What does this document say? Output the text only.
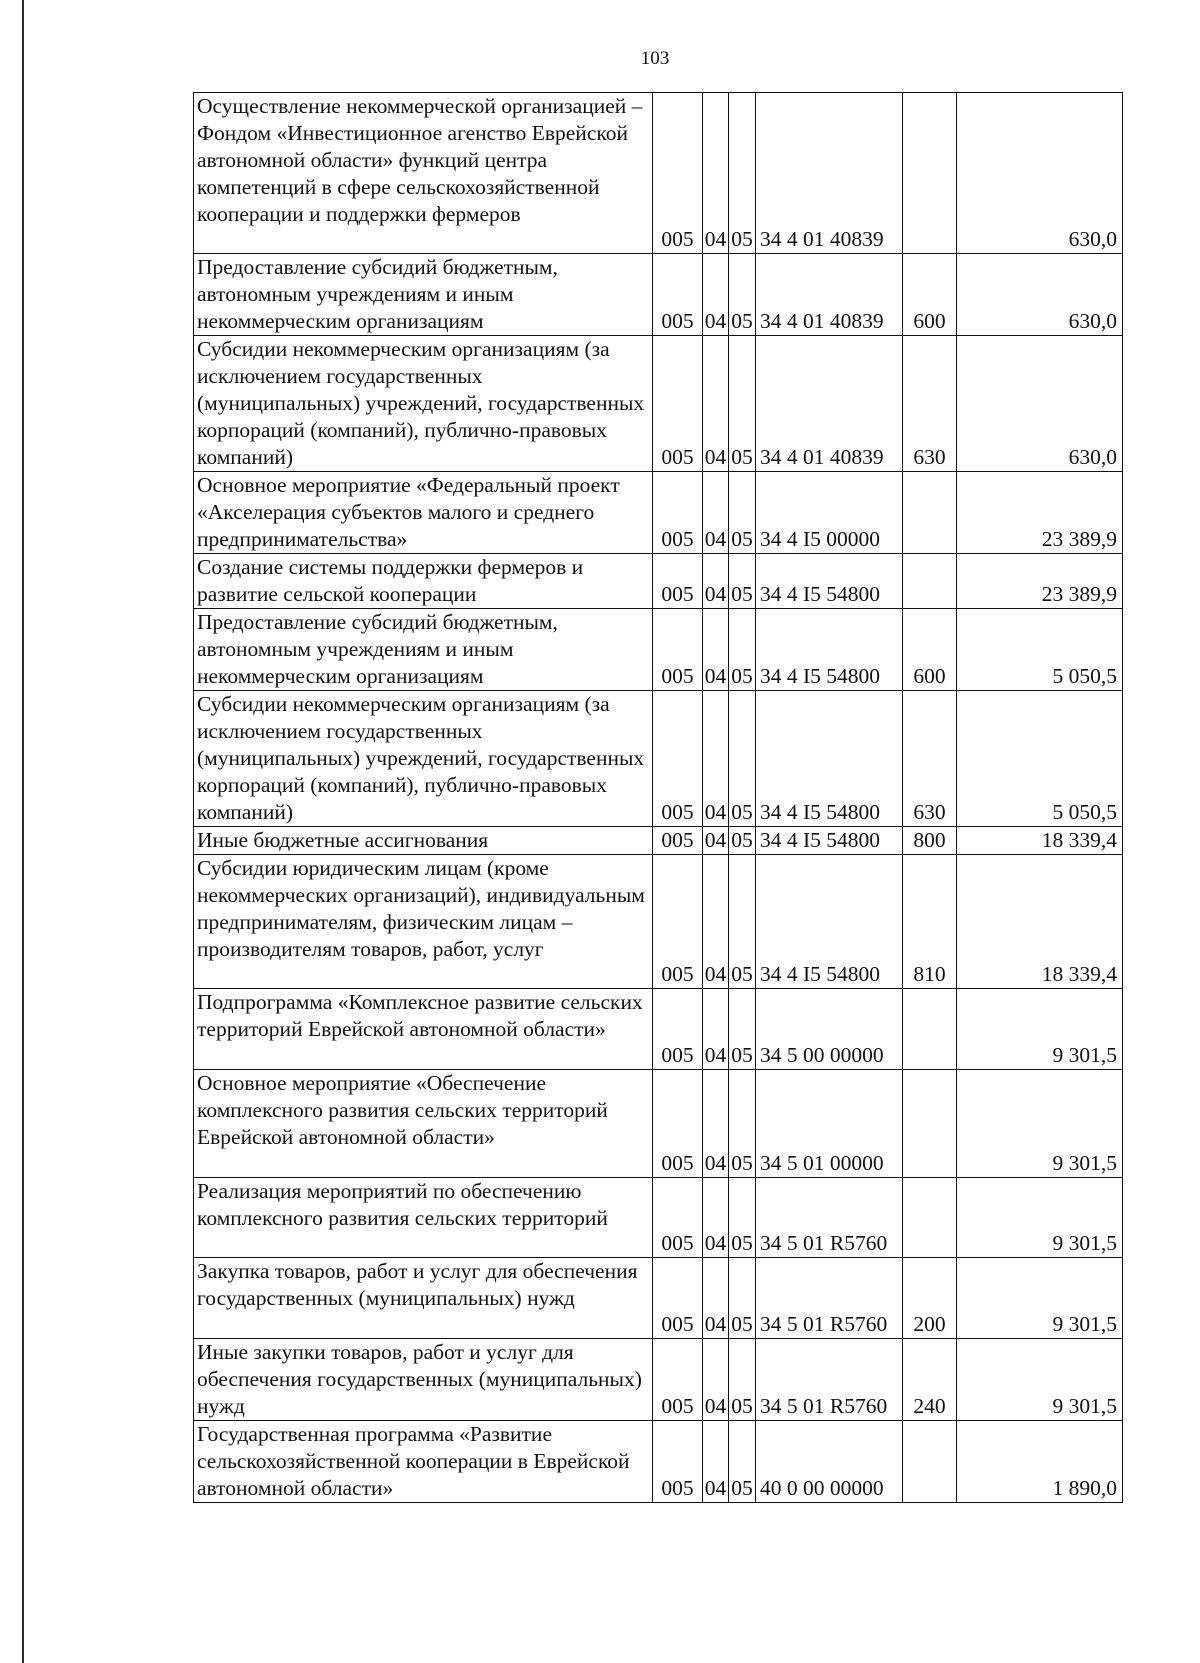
103
Осуществление некоммерческой организацией – Фондом «Инвестиционное агенство Еврейской автономной области» функций центра компетенций в сфере сельскохозяйственной кооперации и поддержки фермеров	005	04	05	34 4 01 40839		630,0
Предоставление субсидий бюджетным, автономным учреждениям и иным некоммерческим организациям	005	04	05	34 4 01 40839	600	630,0
Субсидии некоммерческим организациям (за исключением государственных (муниципальных) учреждений, государственных корпораций (компаний), публично-правовых компаний)	005	04	05	34 4 01 40839	630	630,0
Основное мероприятие «Федеральный проект «Акселерация субъектов малого и среднего предпринимательства»	005	04	05	34 4 I5 00000		23 389,9
Создание системы поддержки фермеров и развитие сельской кооперации	005	04	05	34 4 I5 54800		23 389,9
Предоставление субсидий бюджетным, автономным учреждениям и иным некоммерческим организациям	005	04	05	34 4 I5 54800	600	5 050,5
Субсидии некоммерческим организациям (за исключением государственных (муниципальных) учреждений, государственных корпораций (компаний), публично-правовых компаний)	005	04	05	34 4 I5 54800	630	5 050,5
Иные бюджетные ассигнования	005	04	05	34 4 I5 54800	800	18 339,4
Субсидии юридическим лицам (кроме некоммерческих организаций), индивидуальным предпринимателям, физическим лицам – производителям товаров, работ, услуг	005	04	05	34 4 I5 54800	810	18 339,4
Подпрограмма «Комплексное развитие сельских территорий Еврейской автономной области»	005	04	05	34 5 00 00000		9 301,5
Основное мероприятие «Обеспечение комплексного развития сельских территорий Еврейской автономной области»	005	04	05	34 5 01 00000		9 301,5
Реализация мероприятий по обеспечению комплексного развития сельских территорий	005	04	05	34 5 01 R5760		9 301,5
Закупка товаров, работ и услуг для обеспечения государственных (муниципальных) нужд	005	04	05	34 5 01 R5760	200	9 301,5
Иные закупки товаров, работ и услуг для обеспечения государственных (муниципальных) нужд	005	04	05	34 5 01 R5760	240	9 301,5
Государственная программа «Развитие сельскохозяйственной кооперации в Еврейской автономной области»	005	04	05	40 0 00 00000		1 890,0
